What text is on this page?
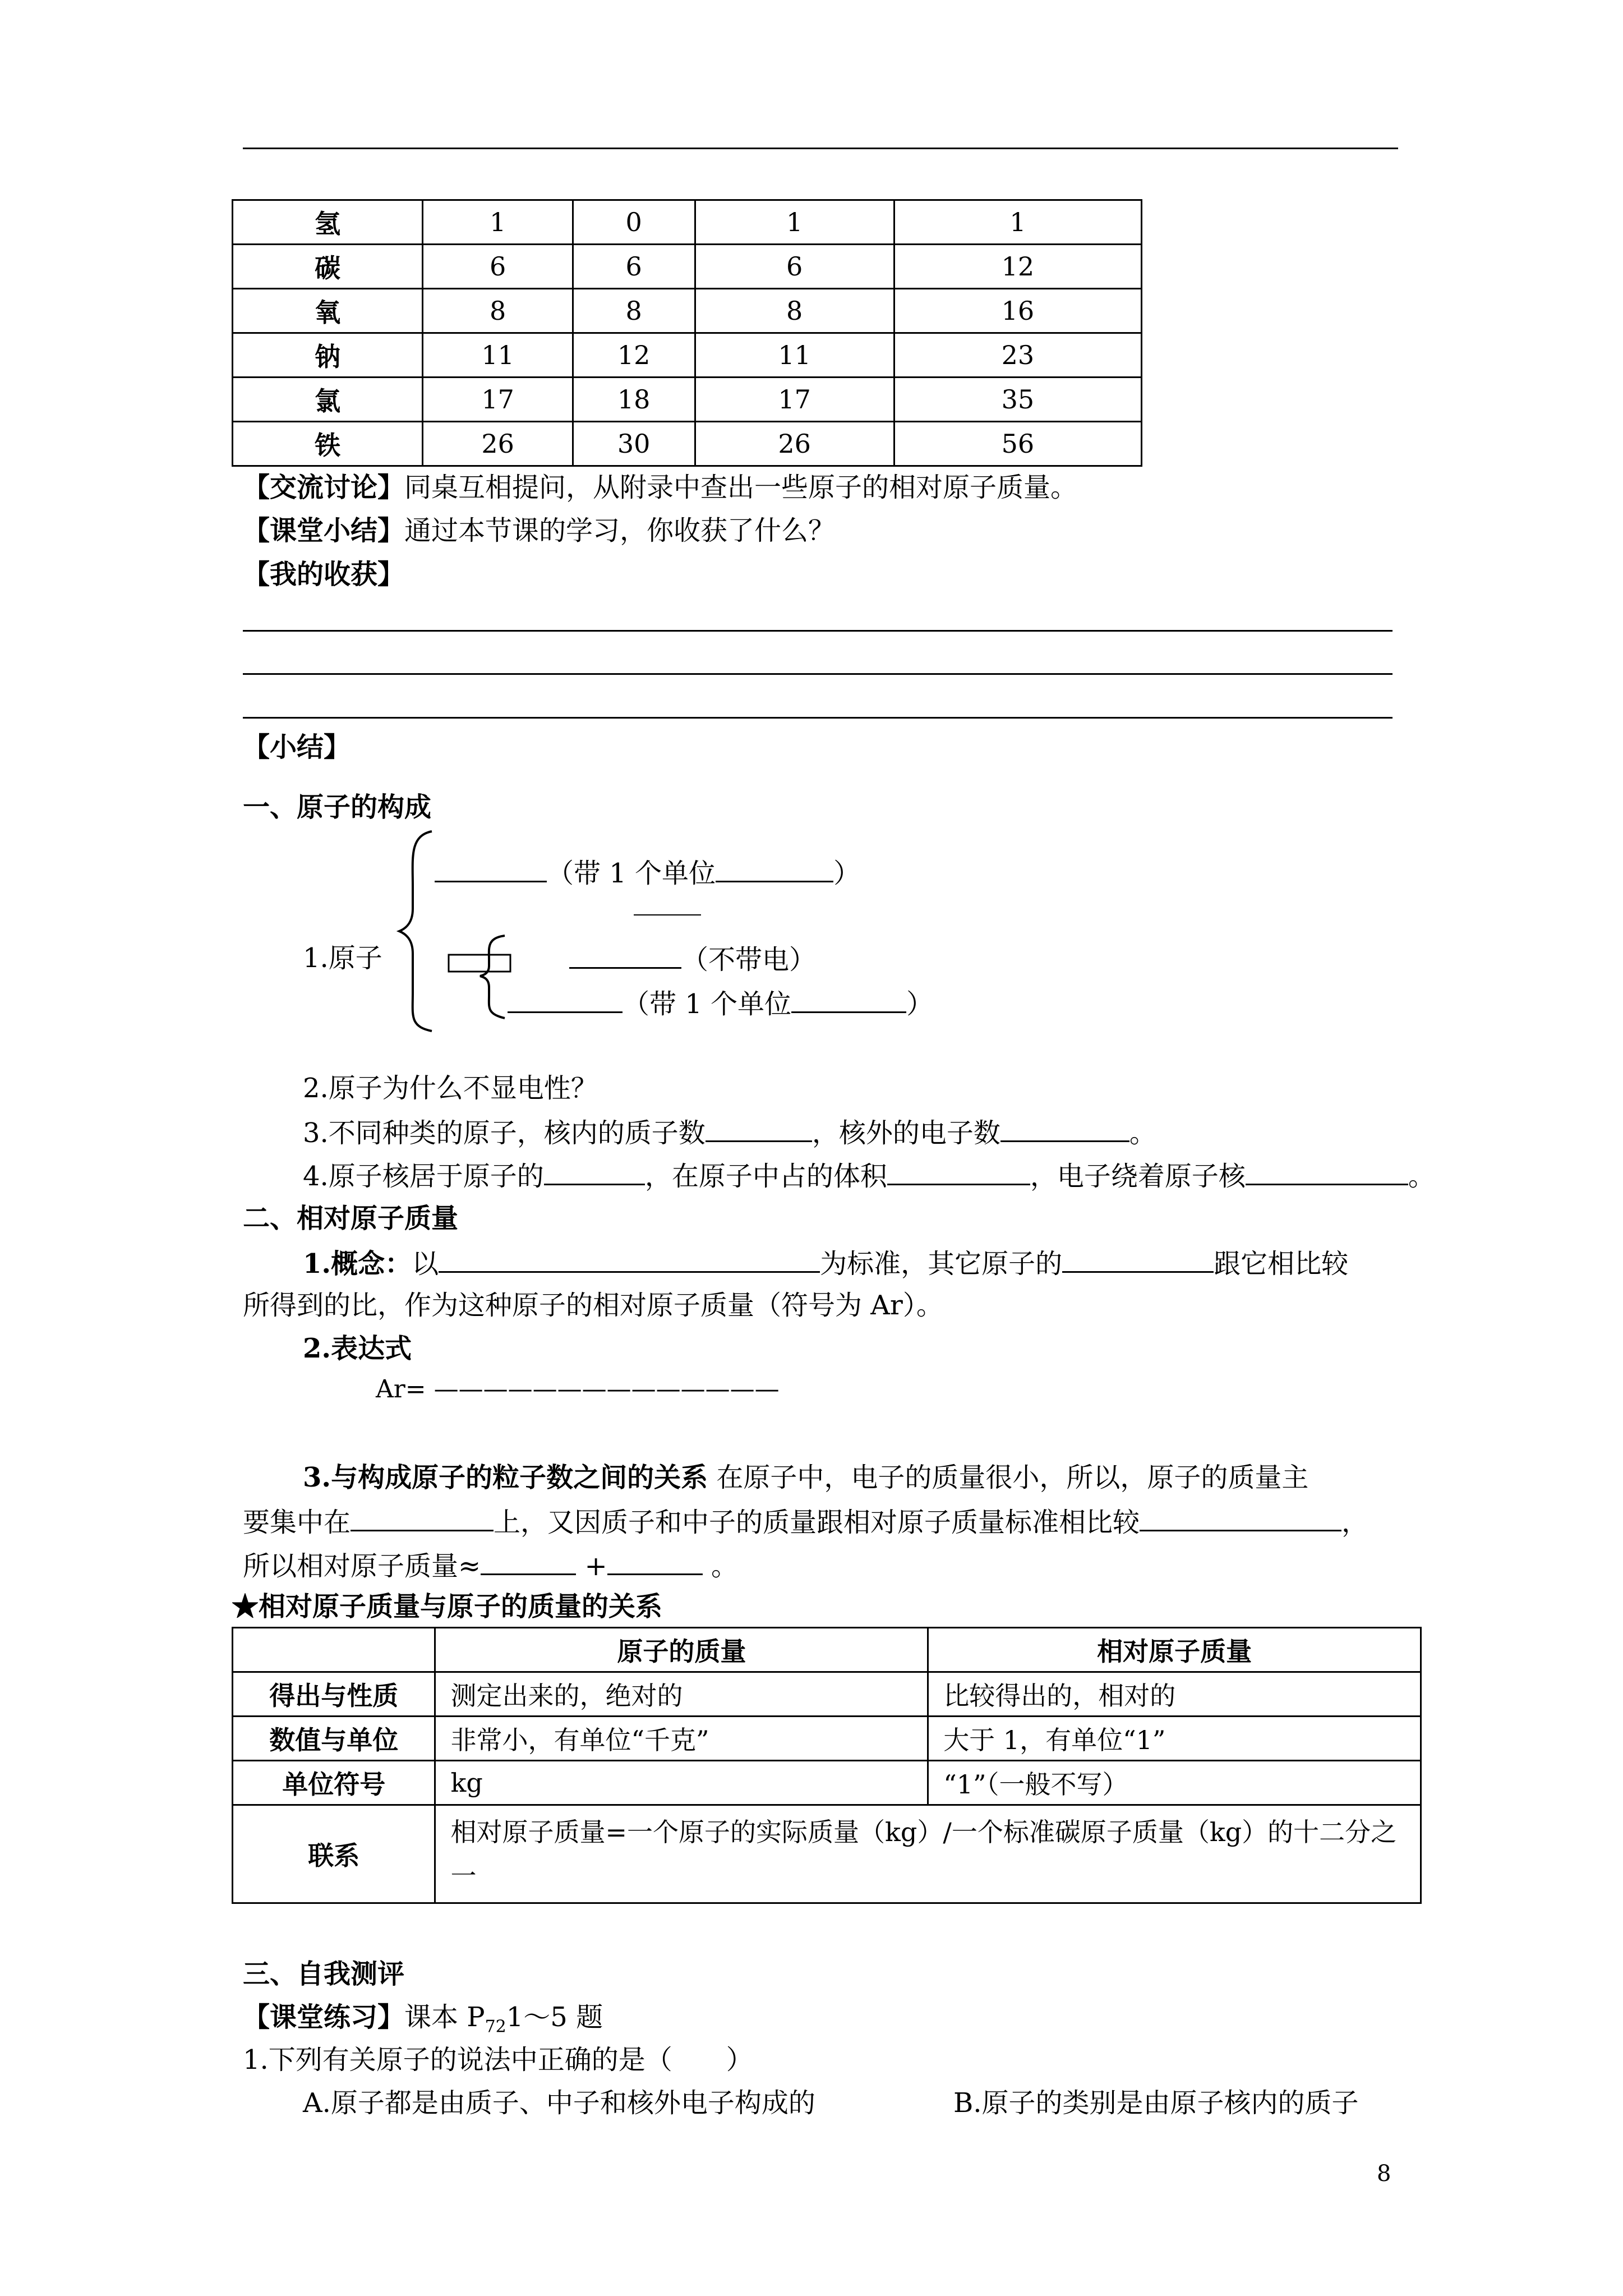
氢	1	0	1	1
碳	6	6	6	12
氧	8	8	8	16
钠	11	12	11	23
氯	17	18	17	35
铁	26	30	26	56
【交流讨论】同桌互相提问，从附录中查出一些原子的相对原子质量。
【课堂小结】通过本节课的学习，你收获了什么？
【我的收获】
【小结】
一、原子的构成
1.原子
（带 1 个单位	）
（不带电）
（带 1 个单位	）
2.原子为什么不显电性？
3.不同种类的原子，核内的质子数	，核外的电子数	。
4.原子核居于原子的	，在原子中占的体积	，电子绕着原子核	。
二、相对原子质量
1.概念：以	为标准，其它原子的	跟它相比较
所得到的比，作为这种原子的相对原子质量（符号为 Ar）。
2.表达式
Ar= ——————————————
3.与构成原子的粒子数之间的关系 在原子中，电子的质量很小，所以，原子的质量主
要集中在	上，又因质子和中子的质量跟相对原子质量标准相比较	，
所以相对原子质量≈	+	。
★相对原子质量与原子的质量的关系
	原子的质量	相对原子质量
得出与性质	测定出来的，绝对的	比较得出的，相对的
数值与单位	非常小，有单位“千克”	大于 1，有单位“1”
单位符号	kg	“1”（一般不写）
联系	相对原子质量=一个原子的实际质量（kg）/一个标准碳原子质量（kg）的十二分之一	
三、自我测评
【课堂练习】课本 $P_{72}1\sim 5$ 题
1.下列有关原子的说法中正确的是（　　）
A.原子都是由质子、中子和核外电子构成的	B.原子的类别是由原子核内的质子
8
